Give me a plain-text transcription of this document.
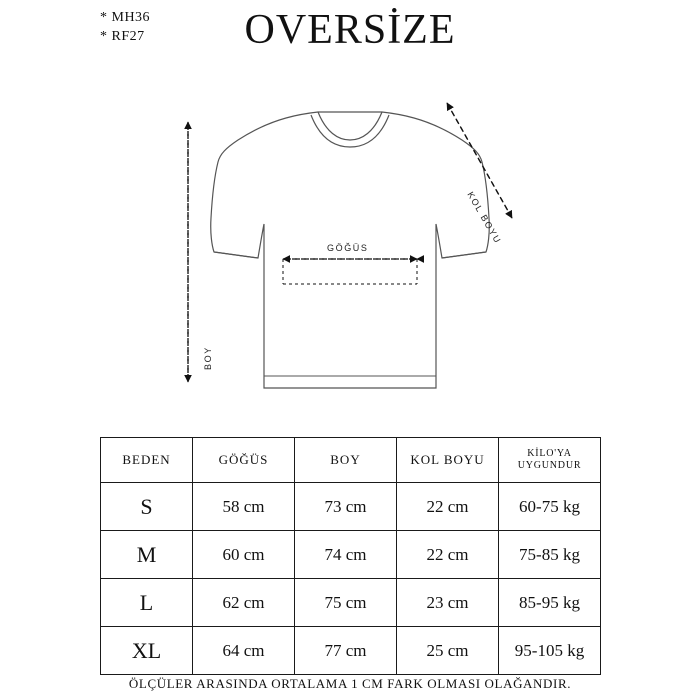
* MH36
* RF27	OVERSİZE
GÖĞÜS
BOY
KOL BOYU
BEDEN	GÖĞÜS	BOY	KOL BOYU	KİLO'YA
UYGUNDUR
S	58 cm	73 cm	22 cm	60-75 kg
M	60 cm	74 cm	22 cm	75-85 kg
L	62 cm	75 cm	23 cm	85-95 kg
XL	64 cm	77 cm	25 cm	95-105 kg
ÖLÇÜLER ARASINDA ORTALAMA 1 CM FARK OLMASI OLAĞANDIR.
